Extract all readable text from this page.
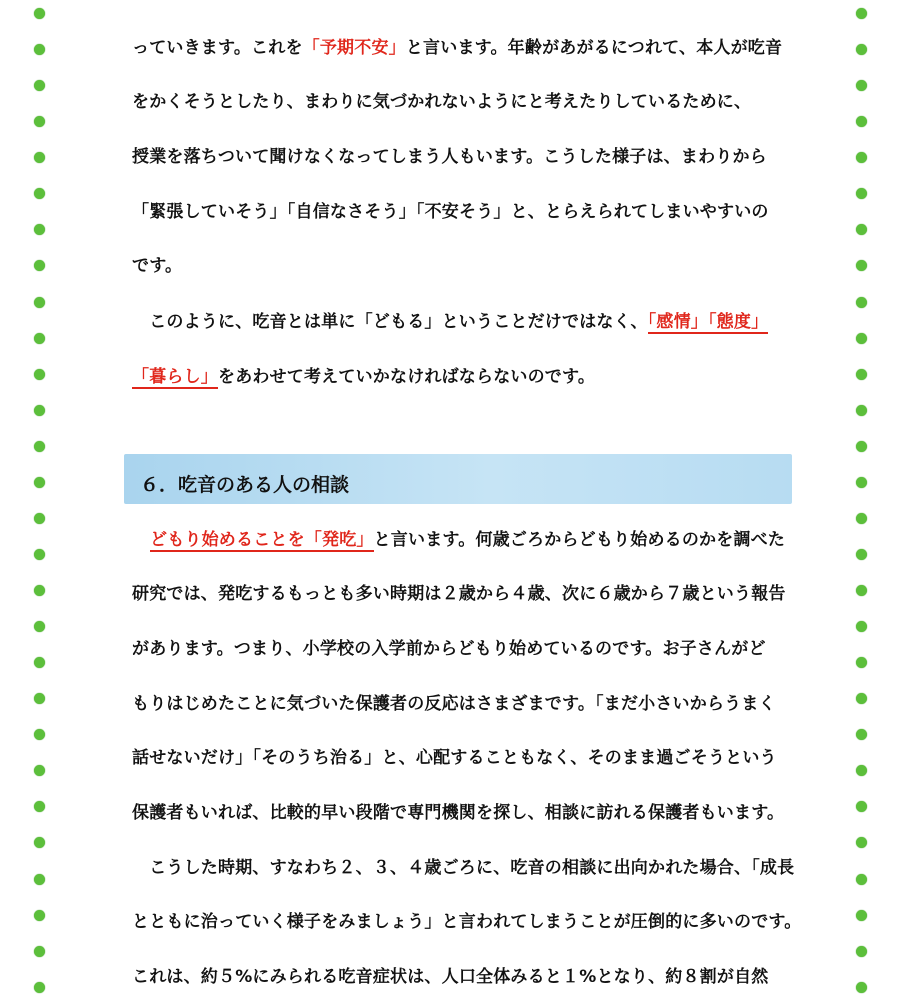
６．吃音のある人の相談
っていきます。これを「予期不安」と言います。年齢があがるにつれて、本人が吃音
をかくそうとしたり、まわりに気づかれないようにと考えたりしているために、
授業を落ちついて聞けなくなってしまう人もいます。こうした様子は、まわりから
「緊張していそう」「自信なさそう」「不安そう」と、とらえられてしまいやすいの
です。
　このように、吃音とは単に「どもる」ということだけではなく、「感情」「態度」
「暮らし」をあわせて考えていかなければならないのです。
どもり始めることを「発吃」と言います。何歳ごろからどもり始めるのかを調べた
研究では、発吃するもっとも多い時期は２歳から４歳、次に６歳から７歳という報告
があります。つまり、小学校の入学前からどもり始めているのです。お子さんがど
もりはじめたことに気づいた保護者の反応はさまざまです。「まだ小さいからうまく
話せないだけ」「そのうち治る」と、心配することもなく、そのまま過ごそうという
保護者もいれば、比較的早い段階で専門機関を探し、相談に訪れる保護者もいます。
　こうした時期、すなわち２、３、４歳ごろに、吃音の相談に出向かれた場合、「成長
とともに治っていく様子をみましょう」と言われてしまうことが圧倒的に多いのです。
これは、約５%にみられる吃音症状は、人口全体みると１%となり、約８割が自然
